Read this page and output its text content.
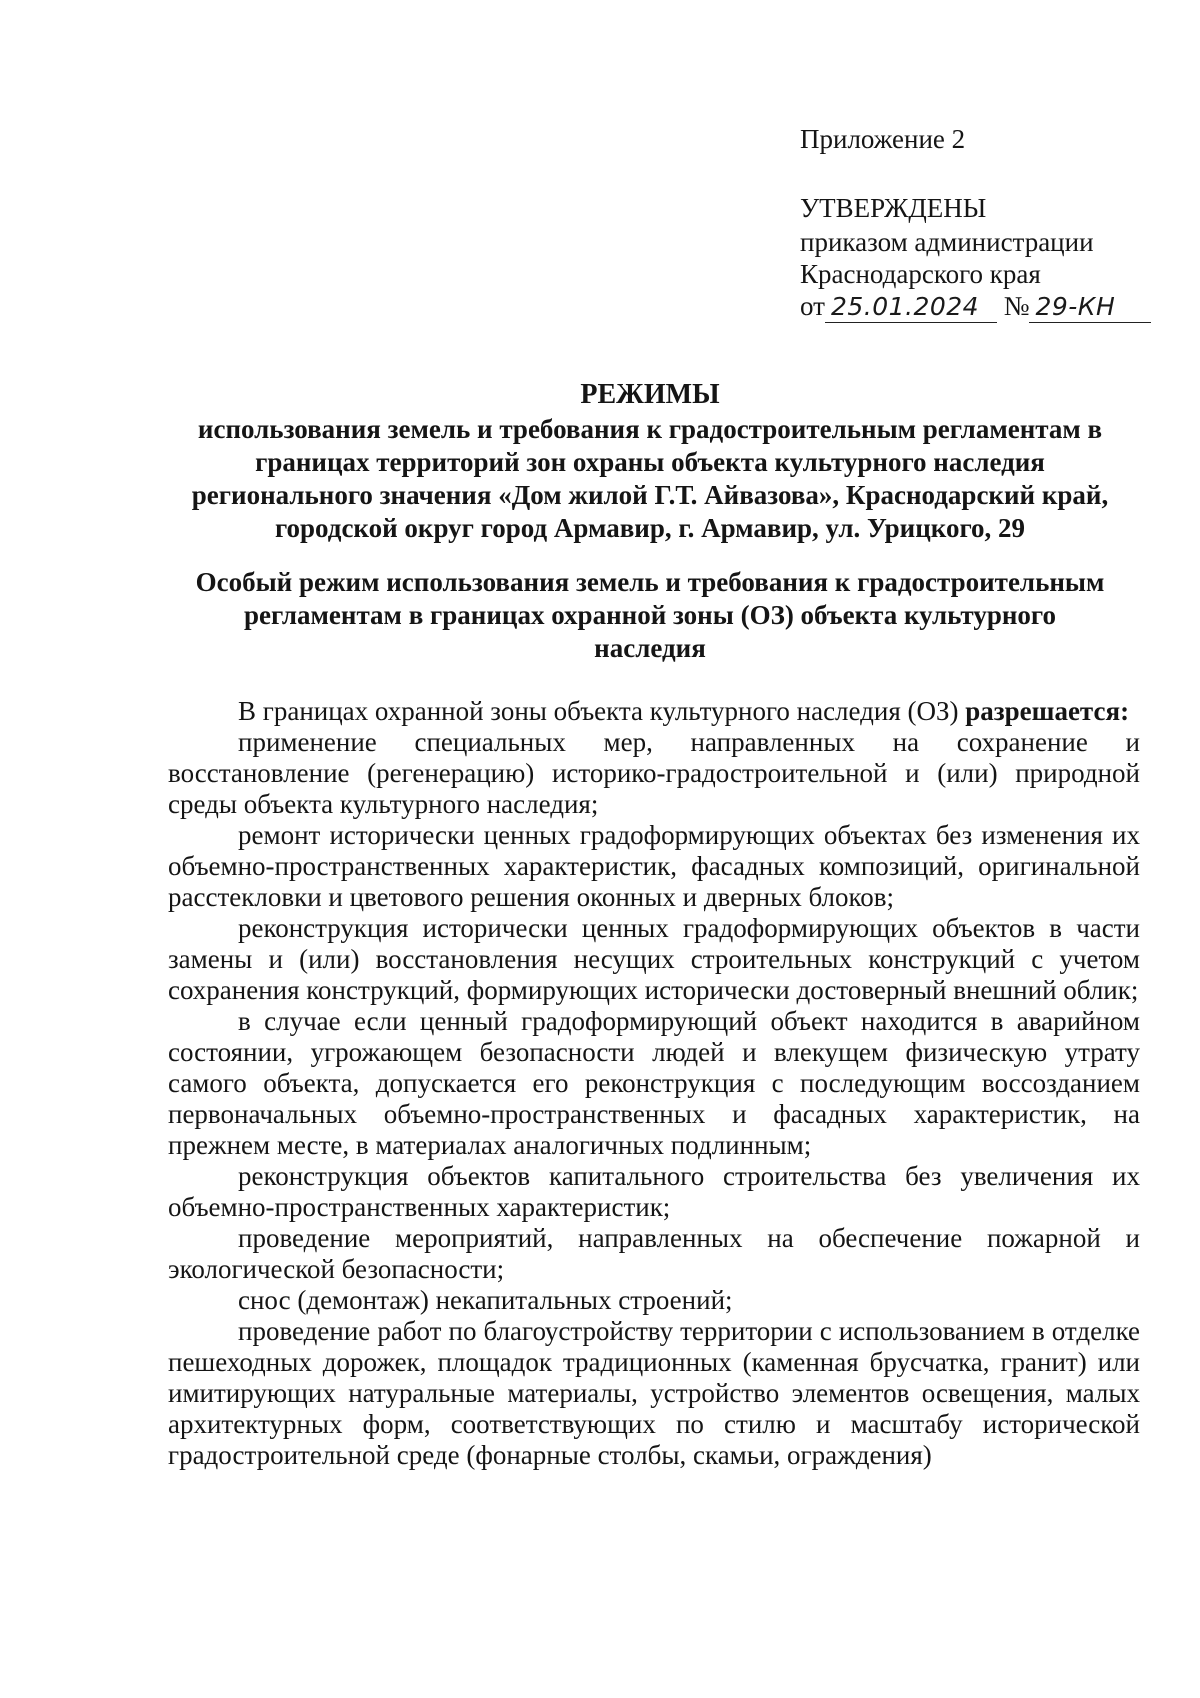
Приложение 2
УТВЕРЖДЕНЫ
приказом администрации
Краснодарского края
от 25.01.2024 № 29-КН
РЕЖИМЫ
использования земель и требования к градостроительным регламентам в
границах территорий зон охраны объекта культурного наследия
регионального значения «Дом жилой Г.Т. Айвазова», Краснодарский край,
городской округ город Армавир, г. Армавир, ул. Урицкого, 29
Особый режим использования земель и требования к градостроительным
регламентам в границах охранной зоны (ОЗ) объекта культурного
наследия

В границах охранной зоны объекта культурного наследия (ОЗ) разрешается:

применение специальных мер, направленных на сохранение и восстановление (регенерацию) историко-градостроительной и (или) природной среды объекта культурного наследия;

ремонт исторически ценных градоформирующих объектах без изменения их объемно-пространственных характеристик, фасадных композиций, оригинальной расстекловки и цветового решения оконных и дверных блоков;

реконструкция исторически ценных градоформирующих объектов в части замены и (или) восстановления несущих строительных конструкций с учетом сохранения конструкций, формирующих исторически достоверный внешний облик;

в случае если ценный градоформирующий объект находится в аварийном состоянии, угрожающем безопасности людей и влекущем физическую утрату самого объекта, допускается его реконструкция с последующим воссозданием первоначальных объемно-пространственных и фасадных характеристик, на прежнем месте, в материалах аналогичных подлинным;

реконструкция объектов капитального строительства без увеличения их объемно-пространственных характеристик;

проведение мероприятий, направленных на обеспечение пожарной и экологической безопасности;

снос (демонтаж) некапитальных строений;

проведение работ по благоустройству территории с использованием в отделке пешеходных дорожек, площадок традиционных (каменная брусчатка, гранит) или имитирующих натуральные материалы, устройство элементов освещения, малых архитектурных форм, соответствующих по стилю и масштабу исторической градостроительной среде (фонарные столбы, скамьи, ограждения)
